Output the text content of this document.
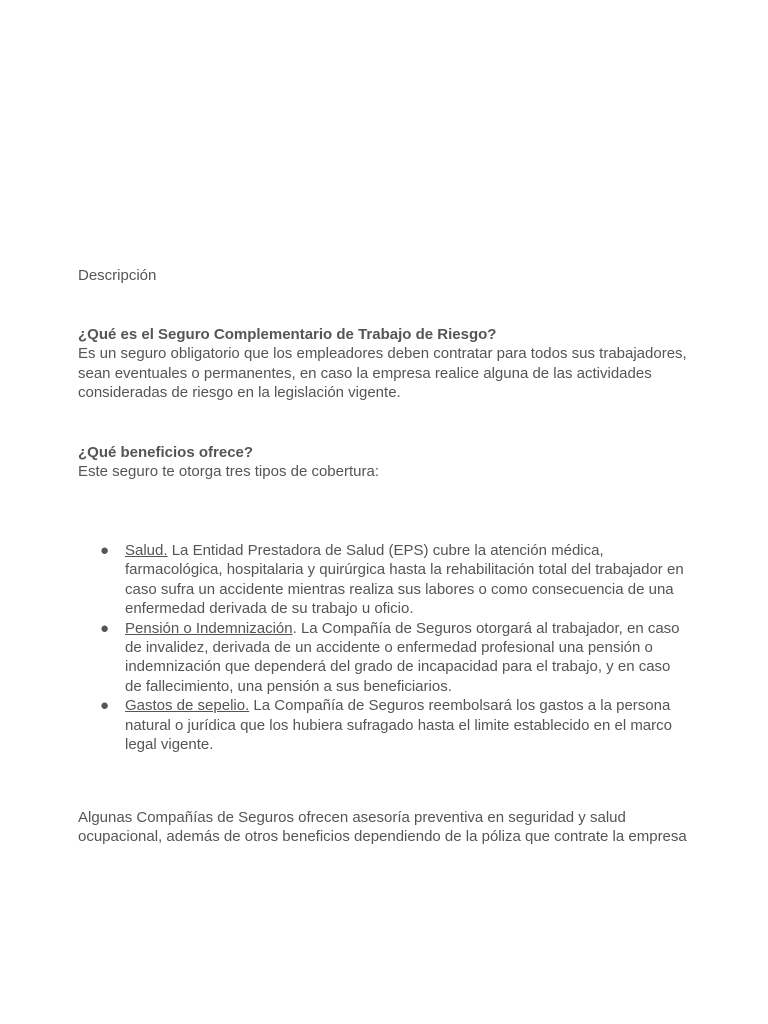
Descripción
¿Qué es el Seguro Complementario de Trabajo de Riesgo?

Es un seguro obligatorio que los empleadores deben contratar para todos sus trabajadores, sean eventuales o permanentes, en caso la empresa realice alguna de las actividades consideradas de riesgo en la legislación vigente.

¿Qué beneficios ofrece?

Este seguro te otorga tres tipos de cobertura:

● Salud. La Entidad Prestadora de Salud (EPS) cubre la atención médica, farmacológica, hospitalaria y quirúrgica hasta la rehabilitación total del trabajador en caso sufra un accidente mientras realiza sus labores o como consecuencia de una enfermedad derivada de su trabajo u oficio.
● Pensión o Indemnización. La Compañía de Seguros otorgará al trabajador, en caso de invalidez, derivada de un accidente o enfermedad profesional una pensión o indemnización que dependerá del grado de incapacidad para el trabajo, y en caso de fallecimiento, una pensión a sus beneficiarios.
● Gastos de sepelio. La Compañía de Seguros reembolsará los gastos a la persona natural o jurídica que los hubiera sufragado hasta el limite establecido en el marco legal vigente.

Algunas Compañías de Seguros ofrecen asesoría preventiva en seguridad y salud ocupacional, además de otros beneficios dependiendo de la póliza que contrate la empresa
